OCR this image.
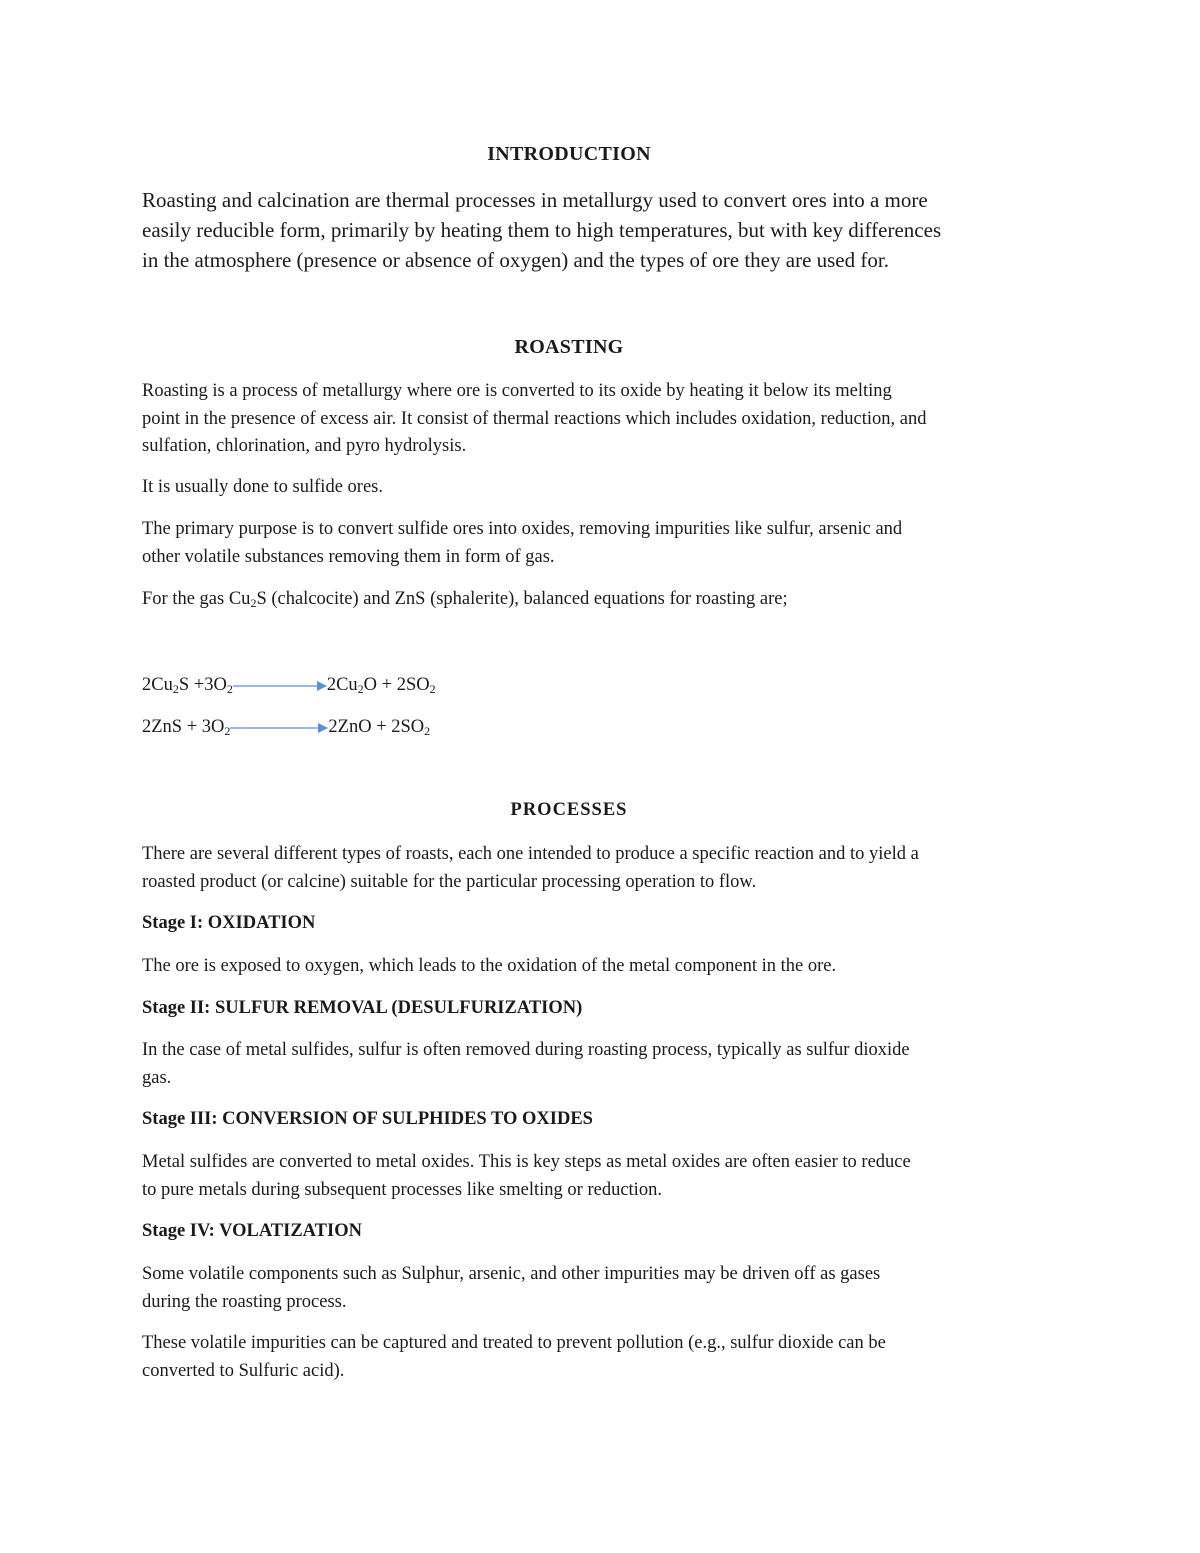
INTRODUCTION
Roasting and calcination are thermal processes in metallurgy used to convert ores into a more
easily reducible form, primarily by heating them to high temperatures, but with key differences
in the atmosphere (presence or absence of oxygen) and the types of ore they are used for.
ROASTING
Roasting is a process of metallurgy where ore is converted to its oxide by heating it below its melting
point in the presence of excess air. It consist of thermal reactions which includes oxidation, reduction, and
sulfation, chlorination, and pyro hydrolysis.
It is usually done to sulfide ores.
The primary purpose is to convert sulfide ores into oxides, removing impurities like sulfur, arsenic and
other volatile substances removing them in form of gas.
For the gas Cu2S (chalcocite) and ZnS (sphalerite), balanced equations for roasting are;
2Cu2S +3O2	2Cu2O + 2SO2
2ZnS + 3O2	2ZnO + 2SO2
PROCESSES
There are several different types of roasts, each one intended to produce a specific reaction and to yield a
roasted product (or calcine) suitable for the particular processing operation to flow.
Stage I: OXIDATION
The ore is exposed to oxygen, which leads to the oxidation of the metal component in the ore.
Stage II: SULFUR REMOVAL (DESULFURIZATION)
In the case of metal sulfides, sulfur is often removed during roasting process, typically as sulfur dioxide
gas.
Stage III: CONVERSION OF SULPHIDES TO OXIDES
Metal sulfides are converted to metal oxides. This is key steps as metal oxides are often easier to reduce
to pure metals during subsequent processes like smelting or reduction.
Stage IV: VOLATIZATION
Some volatile components such as Sulphur, arsenic, and other impurities may be driven off as gases
during the roasting process.
These volatile impurities can be captured and treated to prevent pollution (e.g., sulfur dioxide can be
converted to Sulfuric acid).
